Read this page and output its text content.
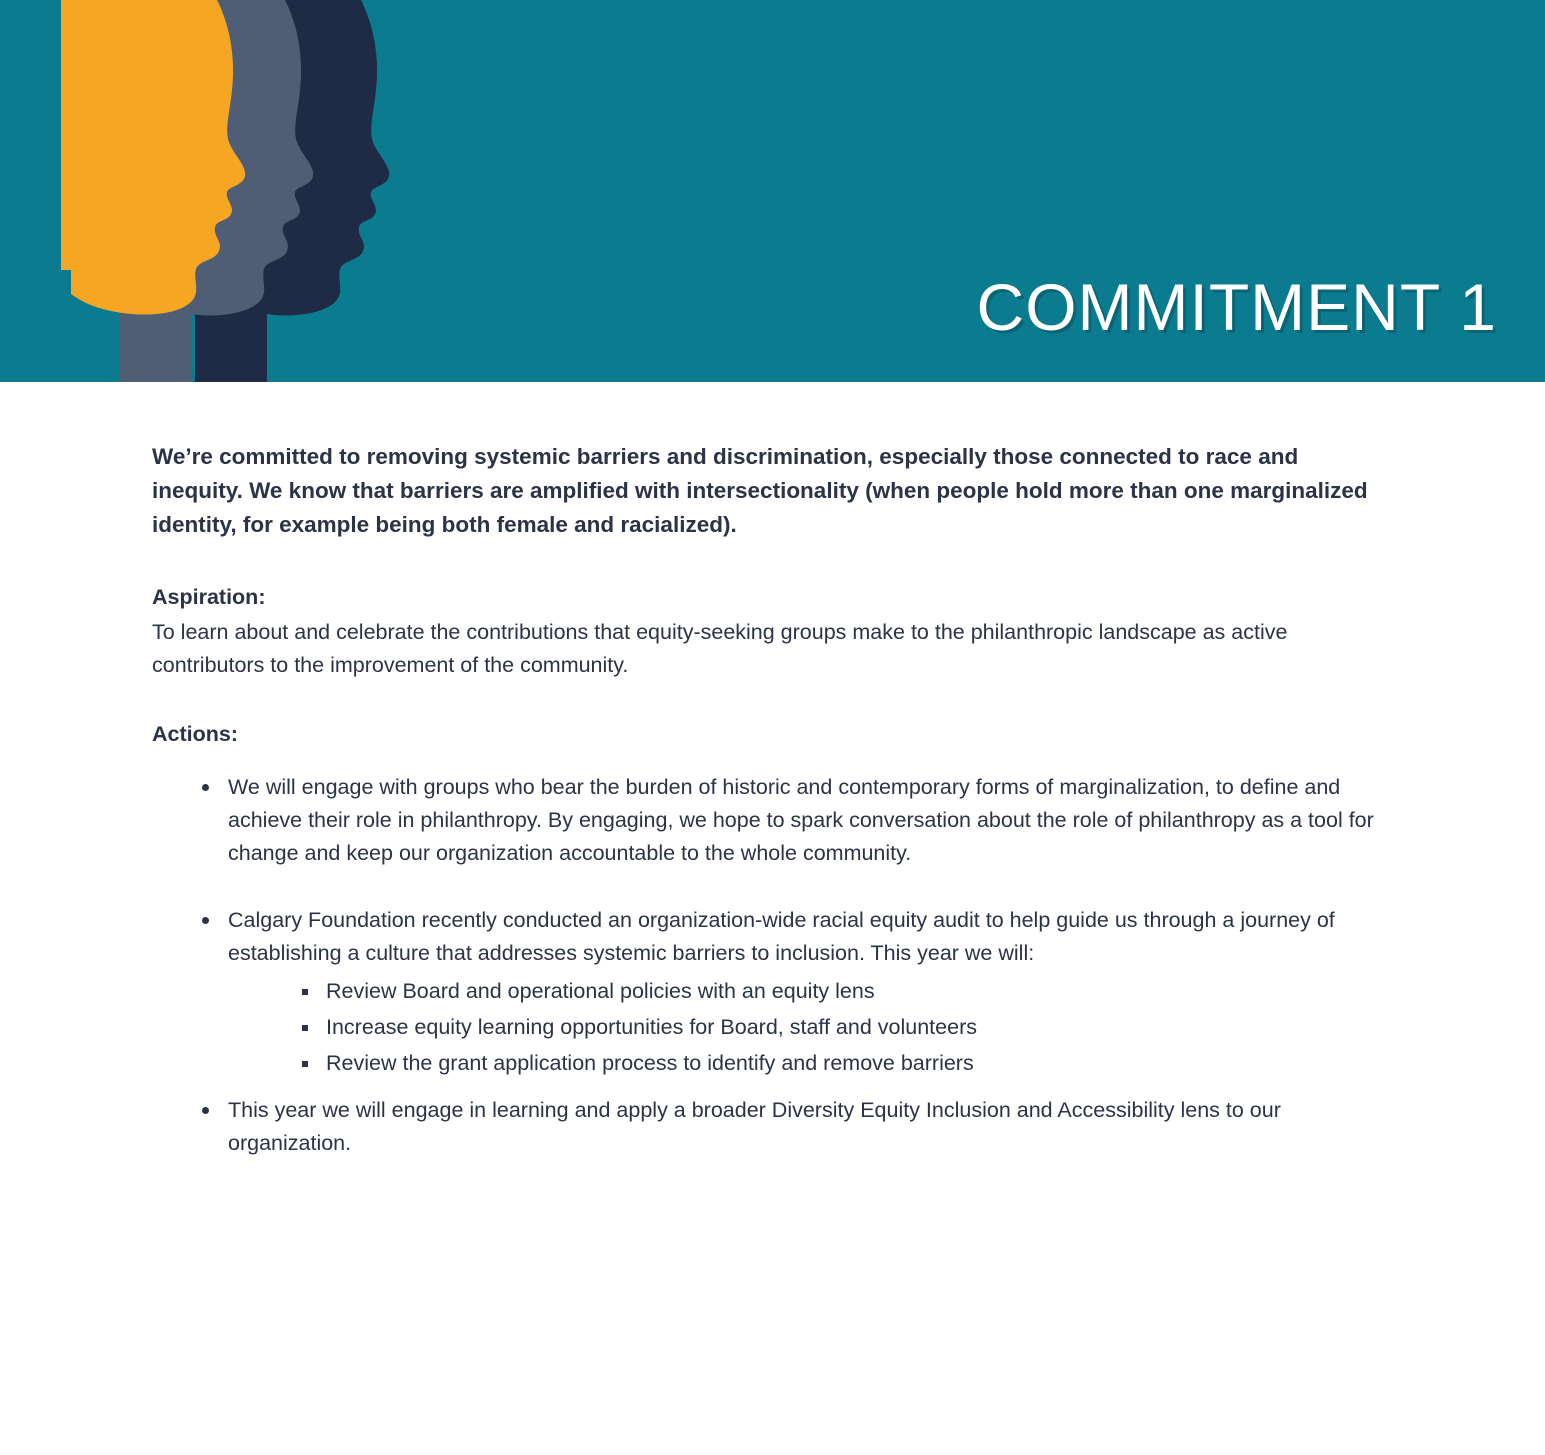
COMMITMENT 1

We’re committed to removing systemic barriers and discrimination, especially those connected to race and inequity. We know that barriers are amplified with intersectionality (when people hold more than one marginalized identity, for example being both female and racialized).

Aspiration:

To learn about and celebrate the contributions that equity-seeking groups make to the philanthropic landscape as active contributors to the improvement of the community.

Actions:

We will engage with groups who bear the burden of historic and contemporary forms of marginalization, to define and achieve their role in philanthropy. By engaging, we hope to spark conversation about the role of philanthropy as a tool for change and keep our organization accountable to the whole community.
Calgary Foundation recently conducted an organization-wide racial equity audit to help guide us through a journey of establishing a culture that addresses systemic barriers to inclusion. This year we will:
Review Board and operational policies with an equity lens
Increase equity learning opportunities for Board, staff and volunteers
Review the grant application process to identify and remove barriers
This year we will engage in learning and apply a broader Diversity Equity Inclusion and Accessibility lens to our organization.
